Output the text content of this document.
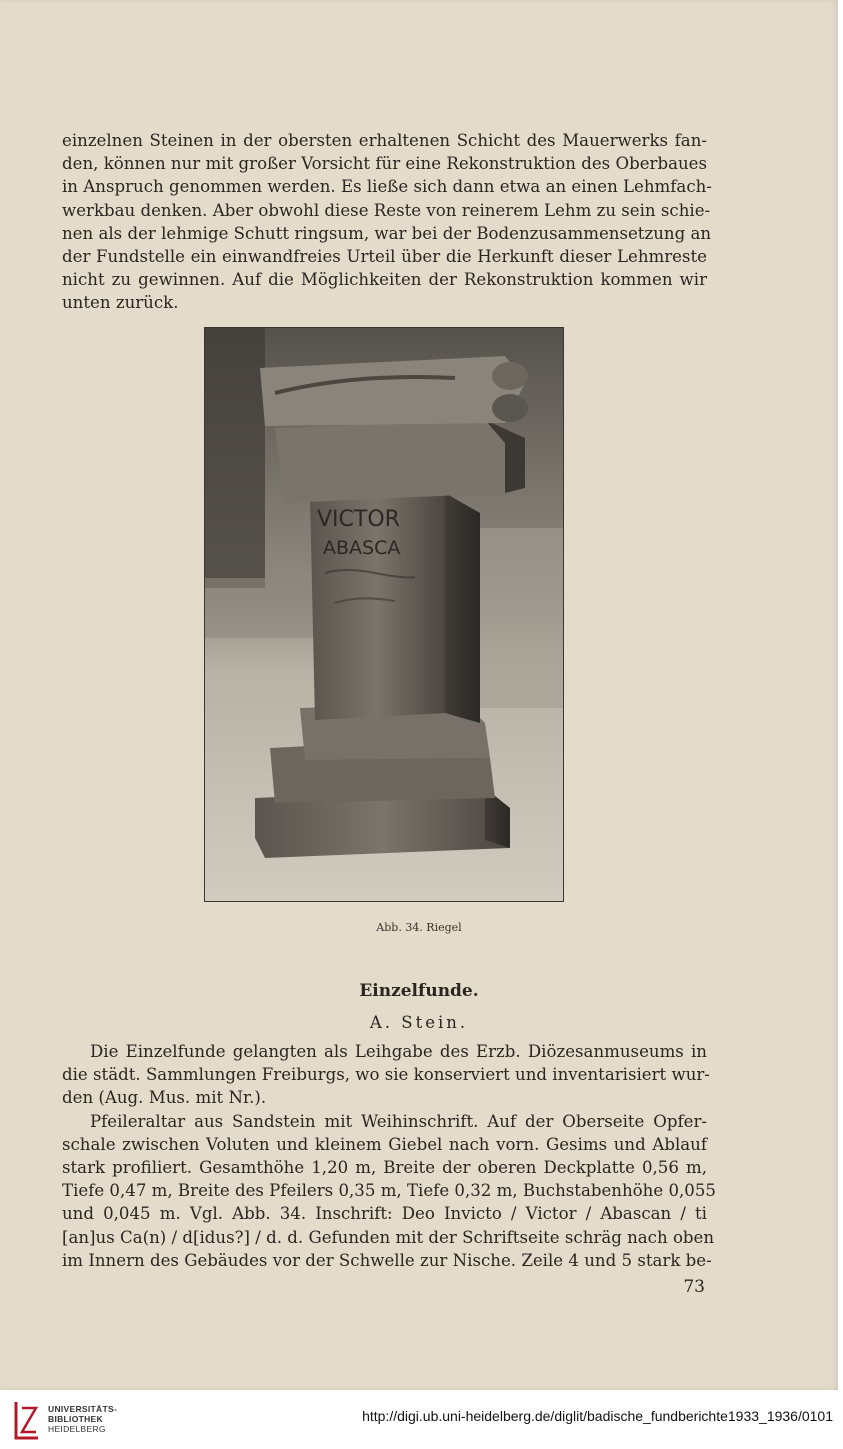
einzelnen Steinen in der obersten erhaltenen Schicht des Mauerwerks fan-
den, können nur mit großer Vorsicht für eine Rekonstruktion des Oberbaues
in Anspruch genommen werden. Es ließe sich dann etwa an einen Lehmfach-
werkbau denken. Aber obwohl diese Reste von reinerem Lehm zu sein schie-
nen als der lehmige Schutt ringsum, war bei der Bodenzusammensetzung an
der Fundstelle ein einwandfreies Urteil über die Herkunft dieser Lehmreste
nicht zu gewinnen. Auf die Möglichkeiten der Rekonstruktion kommen wir
unten zurück.
VICTOR
ABASCA
Abb. 34. Riegel
Einzelfunde.
A. Stein.
Die Einzelfunde gelangten als Leihgabe des Erzb. Diözesanmuseums in
die städt. Sammlungen Freiburgs, wo sie konserviert und inventarisiert wur-
den (Aug. Mus. mit Nr.).
Pfeileraltar aus Sandstein mit Weihinschrift. Auf der Oberseite Opfer-
schale zwischen Voluten und kleinem Giebel nach vorn. Gesims und Ablauf
stark profiliert. Gesamthöhe 1,20 m, Breite der oberen Deckplatte 0,56 m,
Tiefe 0,47 m, Breite des Pfeilers 0,35 m, Tiefe 0,32 m, Buchstabenhöhe 0,055
und 0,045 m. Vgl. Abb. 34. Inschrift: Deo Invicto / Victor / Abascan / ti
[an]us Ca(n) / d[idus?] / d. d. Gefunden mit der Schriftseite schräg nach oben
im Innern des Gebäudes vor der Schwelle zur Nische. Zeile 4 und 5 stark be-
73
UNIVERSITÄTS-
BIBLIOTHEK
HEIDELBERG
http://digi.ub.uni-heidelberg.de/diglit/badische_fundberichte1933_1936/0101
